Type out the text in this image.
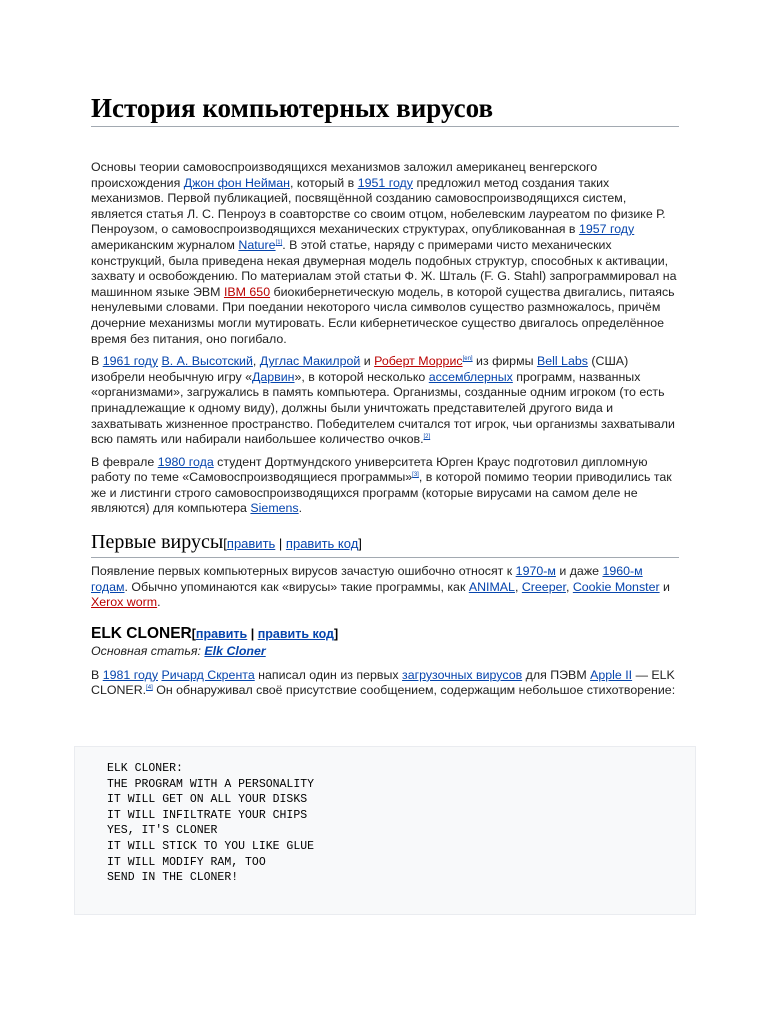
История компьютерных вирусов

Основы теории самовоспроизводящихся механизмов заложил американец венгерского происхождения Джон фон Нейман, который в 1951 году предложил метод создания таких механизмов. Первой публикацией, посвящённой созданию самовоспроизводящихся систем, является статья Л. С. Пенроуз в соавторстве со своим отцом, нобелевским лауреатом по физике Р. Пенроузом, о самовоспроизводящихся механических структурах, опубликованная в 1957 году американским журналом Nature[1]. В этой статье, наряду с примерами чисто механических конструкций, была приведена некая двумерная модель подобных структур, способных к активации, захвату и освобождению. По материалам этой статьи Ф. Ж. Шталь (F. G. Stahl) запрограммировал на машинном языке ЭВМ IBM 650 биокибернетическую модель, в которой существа двигались, питаясь ненулевыми словами. При поедании некоторого числа символов существо размножалось, причём дочерние механизмы могли мутировать. Если кибернетическое существо двигалось определённое время без питания, оно погибало.

В 1961 году В. А. Высотский, Дуглас Макилрой и Роберт Моррис[en] из фирмы Bell Labs (США) изобрели необычную игру «Дарвин», в которой несколько ассемблерных программ, названных «организмами», загружались в память компьютера. Организмы, созданные одним игроком (то есть принадлежащие к одному виду), должны были уничтожать представителей другого вида и захватывать жизненное пространство. Победителем считался тот игрок, чьи организмы захватывали всю память или набирали наибольшее количество очков.[2]

В феврале 1980 года студент Дортмундского университета Юрген Краус подготовил дипломную работу по теме «Самовоспроизводящиеся программы»[3], в которой помимо теории приводились так же и листинги строго самовоспроизводящихся программ (которые вирусами на самом деле не являются) для компьютера Siemens.

Первые вирусы[править | править код]

Появление первых компьютерных вирусов зачастую ошибочно относят к 1970-м и даже 1960-м годам. Обычно упоминаются как «вирусы» такие программы, как ANIMAL, Creeper, Cookie Monster и Xerox worm.

ELK CLONER[править | править код]
Основная статья: Elk Cloner

В 1981 году Ричард Скрента написал один из первых загрузочных вирусов для ПЭВМ Apple II — ELK CLONER.[4] Он обнаруживал своё присутствие сообщением, содержащим небольшое стихотворение:

ELK CLONER:
THE PROGRAM WITH A PERSONALITY
IT WILL GET ON ALL YOUR DISKS
IT WILL INFILTRATE YOUR CHIPS
YES, IT'S CLONER
IT WILL STICK TO YOU LIKE GLUE
IT WILL MODIFY RAM, TOO
SEND IN THE CLONER!
